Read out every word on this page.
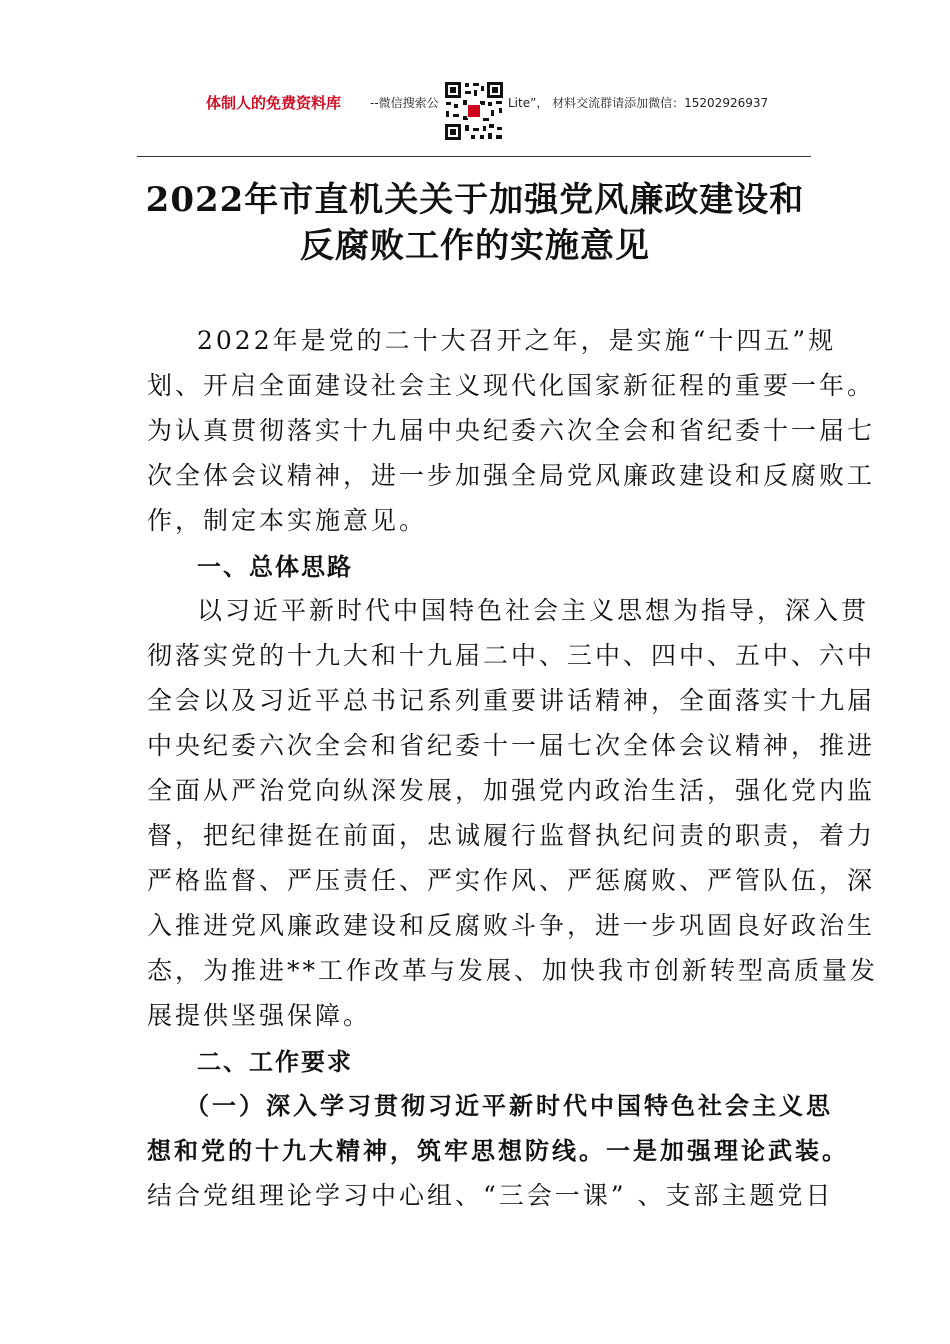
体制人的免费资料库 --微信搜索公	Lite”， 材料交流群请添加微信：15202926937
2022年市直机关关于加强党风廉政建设和
反腐败工作的实施意见
2022年是党的二十大召开之年，是实施“十四五”规
划、开启全面建设社会主义现代化国家新征程的重要一年。
为认真贯彻落实十九届中央纪委六次全会和省纪委十一届七
次全体会议精神，进一步加强全局党风廉政建设和反腐败工
作，制定本实施意见。
一、总体思路
以习近平新时代中国特色社会主义思想为指导，深入贯
彻落实党的十九大和十九届二中、三中、四中、五中、六中
全会以及习近平总书记系列重要讲话精神，全面落实十九届
中央纪委六次全会和省纪委十一届七次全体会议精神，推进
全面从严治党向纵深发展，加强党内政治生活，强化党内监
督，把纪律挺在前面，忠诚履行监督执纪问责的职责，着力
严格监督、严压责任、严实作风、严惩腐败、严管队伍，深
入推进党风廉政建设和反腐败斗争，进一步巩固良好政治生
态，为推进**工作改革与发展、加快我市创新转型高质量发
展提供坚强保障。
二、工作要求
（一）深入学习贯彻习近平新时代中国特色社会主义思
想和党的十九大精神，筑牢思想防线。一是加强理论武装。
结合党组理论学习中心组、“三会一课” 、支部主题党日
